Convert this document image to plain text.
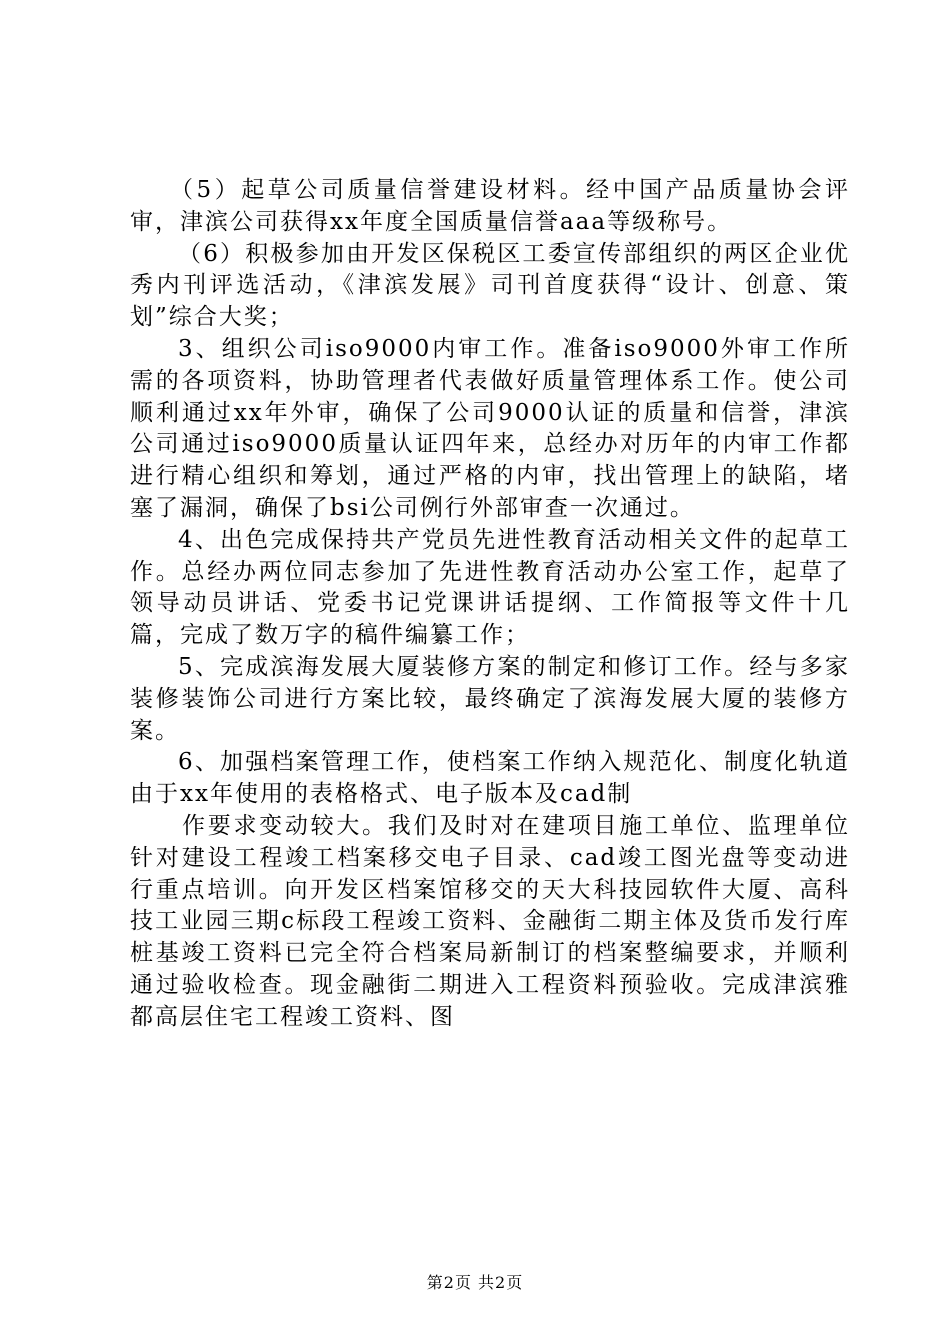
（5）起草公司质量信誉建设材料。经中国产品质量协会评审，津滨公司获得xx年度全国质量信誉aaa等级称号。

（6）积极参加由开发区保税区工委宣传部组织的两区企业优秀内刊评选活动，《津滨发展》司刊首度获得“设计、创意、策划”综合大奖；

3、组织公司iso9000内审工作。准备iso9000外审工作所需的各项资料，协助管理者代表做好质量管理体系工作。使公司顺利通过xx年外审，确保了公司9000认证的质量和信誉，津滨公司通过iso9000质量认证四年来，总经办对历年的内审工作都进行精心组织和筹划，通过严格的内审，找出管理上的缺陷，堵塞了漏洞，确保了bsi公司例行外部审查一次通过。

4、出色完成保持共产党员先进性教育活动相关文件的起草工作。总经办两位同志参加了先进性教育活动办公室工作，起草了领导动员讲话、党委书记党课讲话提纲、工作简报等文件十几篇，完成了数万字的稿件编纂工作；

5、完成滨海发展大厦装修方案的制定和修订工作。经与多家装修装饰公司进行方案比较，最终确定了滨海发展大厦的装修方案。

6、加强档案管理工作，使档案工作纳入规范化、制度化轨道由于xx年使用的表格格式、电子版本及cad制

作要求变动较大。我们及时对在建项目施工单位、监理单位针对建设工程竣工档案移交电子目录、cad竣工图光盘等变动进行重点培训。向开发区档案馆移交的天大科技园软件大厦、高科技工业园三期c标段工程竣工资料、金融街二期主体及货币发行库桩基竣工资料已完全符合档案局新制订的档案整编要求，并顺利通过验收检查。现金融街二期进入工程资料预验收。完成津滨雅都高层住宅工程竣工资料、图

第2页 共2页
